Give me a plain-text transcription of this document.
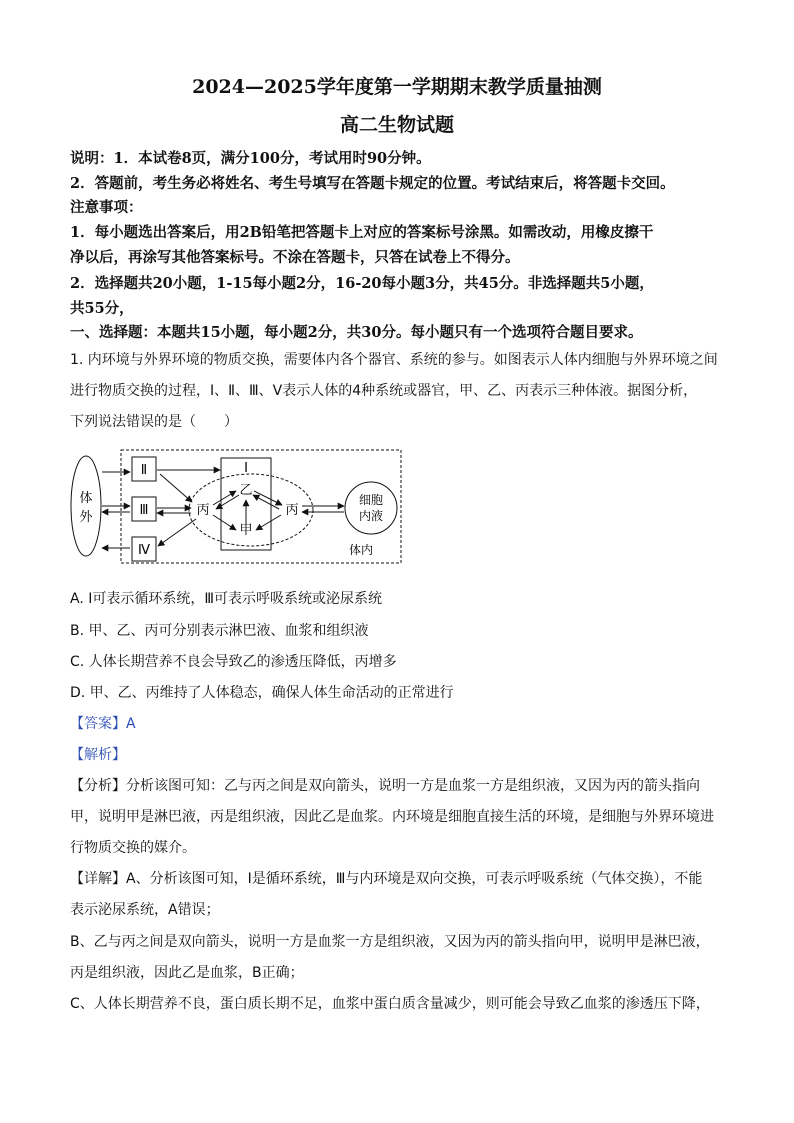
2024—2025学年度第一学期期末教学质量抽测
高二生物试题
说明：1．本试卷8页，满分100分，考试用时90分钟。
2．答题前，考生务必将姓名、考生号填写在答题卡规定的位置。考试结束后，将答题卡交回。
注意事项：
1．每小题选出答案后，用2B铅笔把答题卡上对应的答案标号涂黑。如需改动，用橡皮擦干
净以后，再涂写其他答案标号。不涂在答题卡，只答在试卷上不得分。
2．选择题共20小题，1-15每小题2分，16-20每小题3分，共45分。非选择题共5小题，
共55分，
一、选择题：本题共15小题，每小题2分，共30分。每小题只有一个选项符合题目要求。
1. 内环境与外界环境的物质交换，需要体内各个器官、系统的参与。如图表示人体内细胞与外界环境之间
进行物质交换的过程，Ⅰ、Ⅱ、Ⅲ、Ⅴ表示人体的4种系统或器官，甲、乙、丙表示三种体液。据图分析，
下列说法错误的是（　　）
体
外
Ⅱ
Ⅲ
Ⅳ
Ⅰ
乙
甲
丙	丙
细胞
内液
体内
A. Ⅰ可表示循环系统，Ⅲ可表示呼吸系统或泌尿系统
B. 甲、乙、丙可分别表示淋巴液、血浆和组织液
C. 人体长期营养不良会导致乙的渗透压降低，丙增多
D. 甲、乙、丙维持了人体稳态，确保人体生命活动的正常进行
【答案】A
【解析】
【分析】分析该图可知：乙与丙之间是双向箭头，说明一方是血浆一方是组织液，又因为丙的箭头指向
甲，说明甲是淋巴液，丙是组织液，因此乙是血浆。内环境是细胞直接生活的环境，是细胞与外界环境进
行物质交换的媒介。
【详解】A、分析该图可知，Ⅰ是循环系统，Ⅲ与内环境是双向交换，可表示呼吸系统（气体交换），不能
表示泌尿系统，A错误；
B、乙与丙之间是双向箭头，说明一方是血浆一方是组织液，又因为丙的箭头指向甲，说明甲是淋巴液，
丙是组织液，因此乙是血浆，B正确；
C、人体长期营养不良，蛋白质长期不足，血浆中蛋白质含量减少，则可能会导致乙血浆的渗透压下降，
